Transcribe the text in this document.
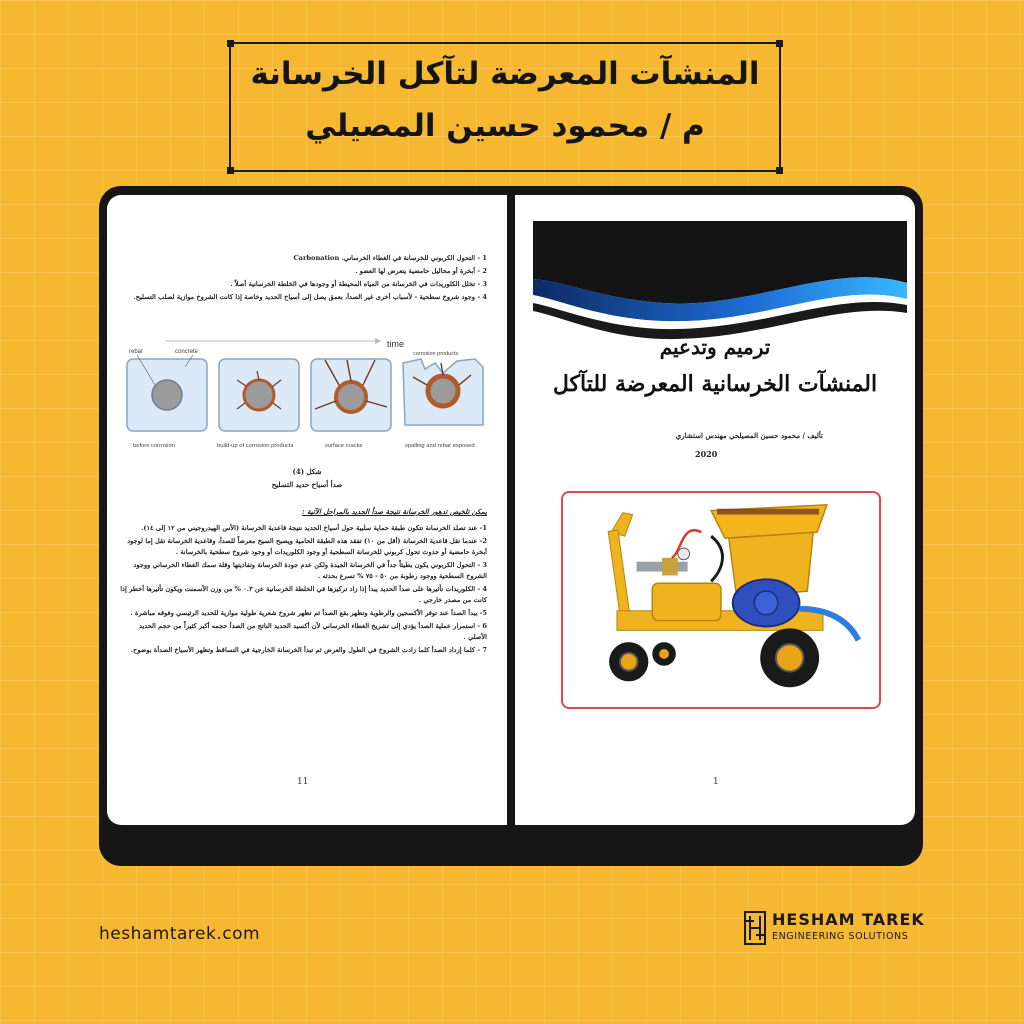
المنشآت المعرضة لتآكل الخرسانة
م / محمود حسين المصيلي

1 - التحول الكربوني للخرسانة في الغطاء الخرساني. Carbonation

2 - أبخرة أو محاليل حامضية يتعرض لها العضو .

3 - تخلل الكلوريدات في الخرسانة من المياه المحيطة أو وجودها في الخلطة الخرسانية أصلاً .

4 - وجود شروخ سطحية - لأسباب أخرى غير الصدأ، بعمق يصل إلى أسياخ الحديد وخاصة إذا كانت الشروخ موازية لصلب التسليح.

time
rebar	concrete	corrosion products
before corrosion	build-up of corrosion products	surface cracks	spalling and rebar exposed
شكل (4)
صدأ أسياخ حديد التسليح
يمكن تلخيص تدهور الخرسانة نتيجة صدأ الحديد بالمراحل الآتية :

1- عند تصلد الخرسانة تتكون طبقة حماية سلبية حول أسياخ الحديد نتيجة قاعدية الخرسانة (الأس الهيدروجيني من ١٢ إلى ١٤).

2- عندما تقل قاعدية الخرسانة (أقل من ١٠) تفقد هذه الطبقة الحامية ويصبح السيخ معرضاً للصدأ، وقاعدية الخرسانة تقل إما لوجود أبخرة حامضية أو حدوث تحول كربوني للخرسانة السطحية أو وجود الكلوريدات أو وجود شروخ سطحية بالخرسانة .

3 - التحول الكربوني يكون بطيئاً جداً في الخرسانة الجيدة ولكن عدم جودة الخرسانة وتفاذيتها وقلة سمك الغطاء الخرساني ووجود الشروخ السطحية ووجود رطوبة من ٥٠ - ٧٥ % تسرع بحدثه .

4 - الكلوريدات تأثيرها على صدأ الحديد يبدأ إذا زاد تركيزها في الخلطة الخرسانية عن ٠.٣ % من وزن الأسمنت ويكون تأثيرها أخطر إذا كانت من مصدر خارجي .

5- يبدأ الصدأ عند توفر الأكسجين والرطوبة وتظهر بقع الصدأ ثم تظهر شروخ شعرية طولية موازية للحديد الرئيسي وفوقه مباشرة .

6 - استمرار عملية الصدأ يؤدي إلى تشريخ الغطاء الخرساني لأن أكسيد الحديد الناتج من الصدأ حجمه أكبر كثيراً من حجم الحديد الأصلي .

7 - كلما إزداد الصدأ كلما زادت الشروخ في الطول والعرض ثم تبدأ الخرسانة الخارجية في التساقط وتظهر الأسياخ الصدأة بوضوح.

11
ترميم وتدعيم
المنشآت الخرسانية المعرضة للتآكل
تأليف / محمود حسين المصيلحي مهندس استشاري
2020
1
heshamtarek.com
HESHAM TAREK
ENGINEERING SOLUTIONS
